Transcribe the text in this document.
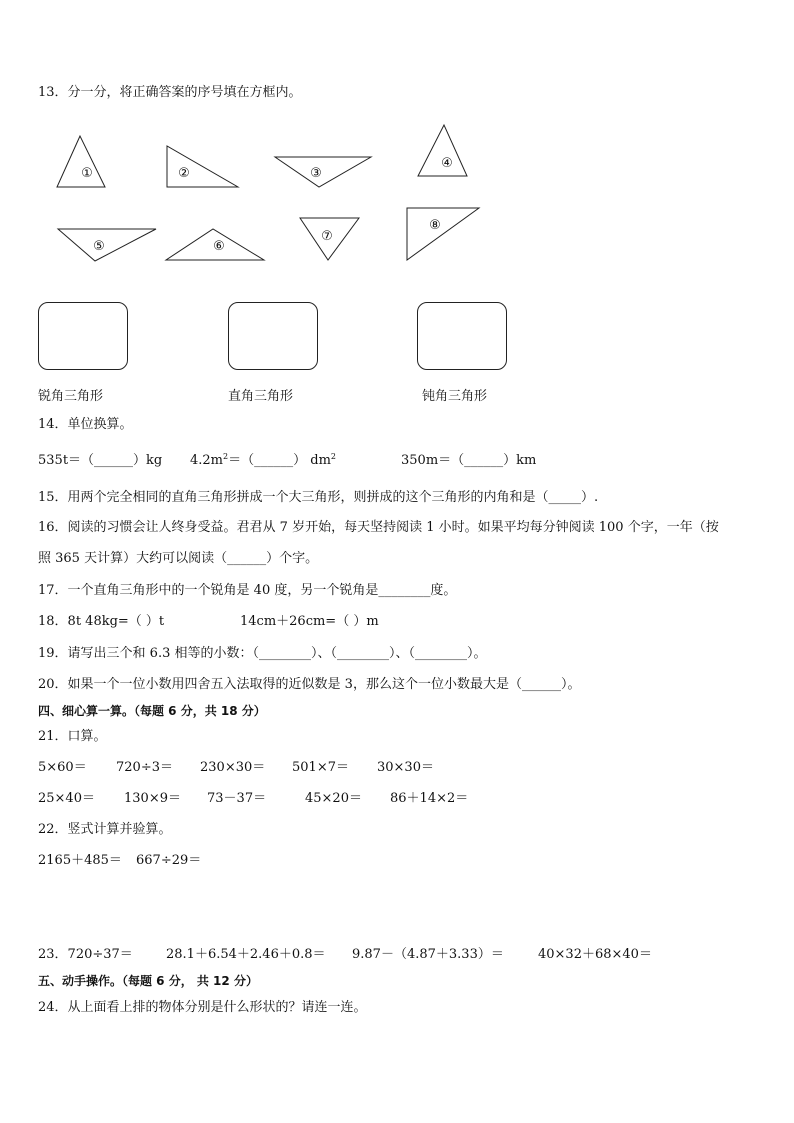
13．分一分，将正确答案的序号填在方框内。
①	②	③
④
⑤	⑥
⑦
⑧
锐角三角形	直角三角形	钝角三角形
14．单位换算。
535t＝（______）kg $4.2m^2=(\_\_\_\_\_\_)$ $dm^2$	350m＝（______）km
15．用两个完全相同的直角三角形拼成一个大三角形，则拼成的这个三角形的内角和是（_____）.
16．阅读的习惯会让人终身受益。君君从 7 岁开始，每天坚持阅读 1 小时。如果平均每分钟阅读 100 个字，一年（按
照 365 天计算）大约可以阅读（______）个字。
17．一个直角三角形中的一个锐角是 40 度，另一个锐角是________度。
18．8t 48kg=（ ）t	14cm＋26cm=（ ）m
19．请写出三个和 6.3 相等的小数：（________）、（________）、（________）。
20．如果一个一位小数用四舍五入法取得的近似数是 3，那么这个一位小数最大是（______）。
四、细心算一算。（每题 6 分，共 18 分）
21．口算。
5×60＝ 720÷3＝ 230×30＝ 501×7＝ 30×30＝
25×40＝ 130×9＝ 73－37＝	45×20＝ 86＋14×2＝
22．竖式计算并验算。
2165＋485＝ 667÷29＝
23．720÷37＝	28.1＋6.54＋2.46＋0.8＝ 9.87－（4.87＋3.33）＝	40×32＋68×40＝
五、动手操作。（每题 6 分， 共 12 分）
24．从上面看上排的物体分别是什么形状的？请连一连。
